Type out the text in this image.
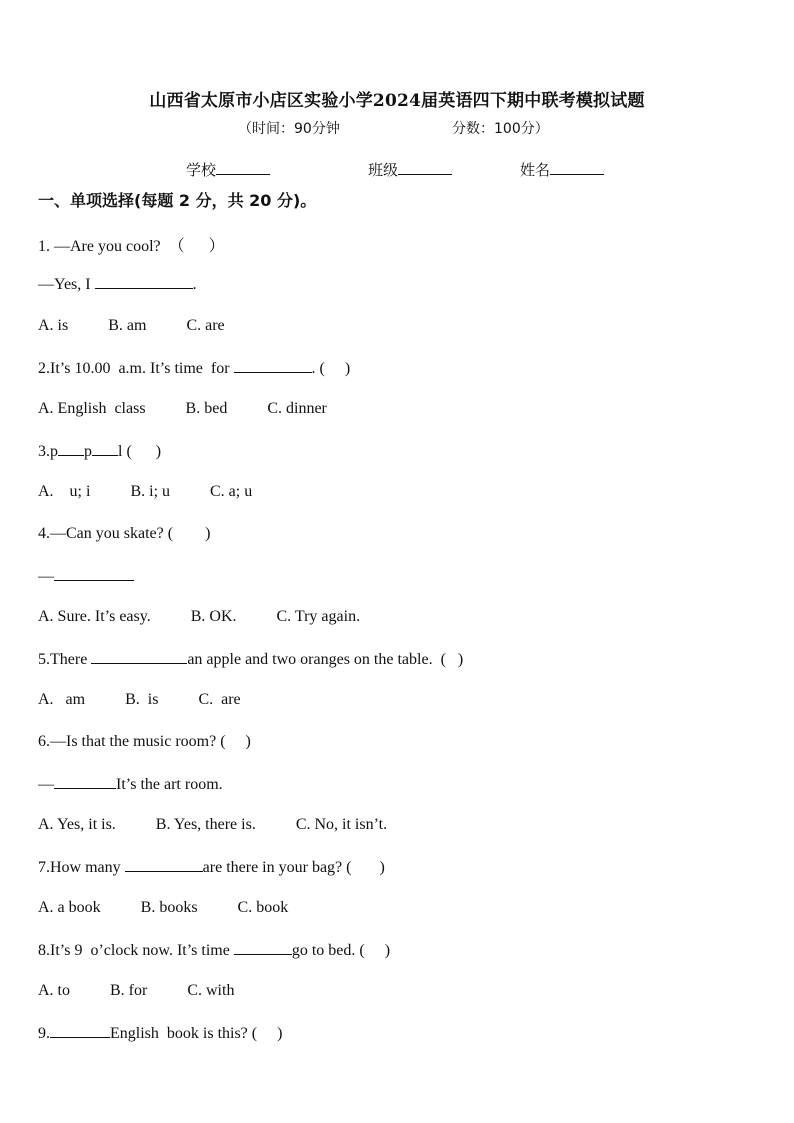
山西省太原市小店区实验小学2024届英语四下期中联考模拟试题
（时间：90分钟	分数：100分）
学校	班级	姓名
一、单项选择(每题 2 分，共 20 分)。
1. —Are you cool?  （      ）
—Yes, I	.
A. is          B. am          C. are
2.It’s 10.00  a.m. It’s time  for	. (     )
A. English  class          B. bed          C. dinner
3.p p l (      )
A.    u; i          B. i; u          C. a; u
4.—Can you skate? (        )
—
A. Sure. It’s easy.          B. OK.          C. Try again.
5.There	an apple and two oranges on the table.  (   )
A.   am          B.  is          C.  are
6.—Is that the music room? (     )
—	It’s the art room.
A. Yes, it is.          B. Yes, there is.          C. No, it isn’t.
7.How many	are there in your bag? (       )
A. a book          B. books          C. book
8.It’s 9  o’clock now. It’s time	go to bed. (     )
A. to          B. for          C. with
9.	English  book is this? (     )
